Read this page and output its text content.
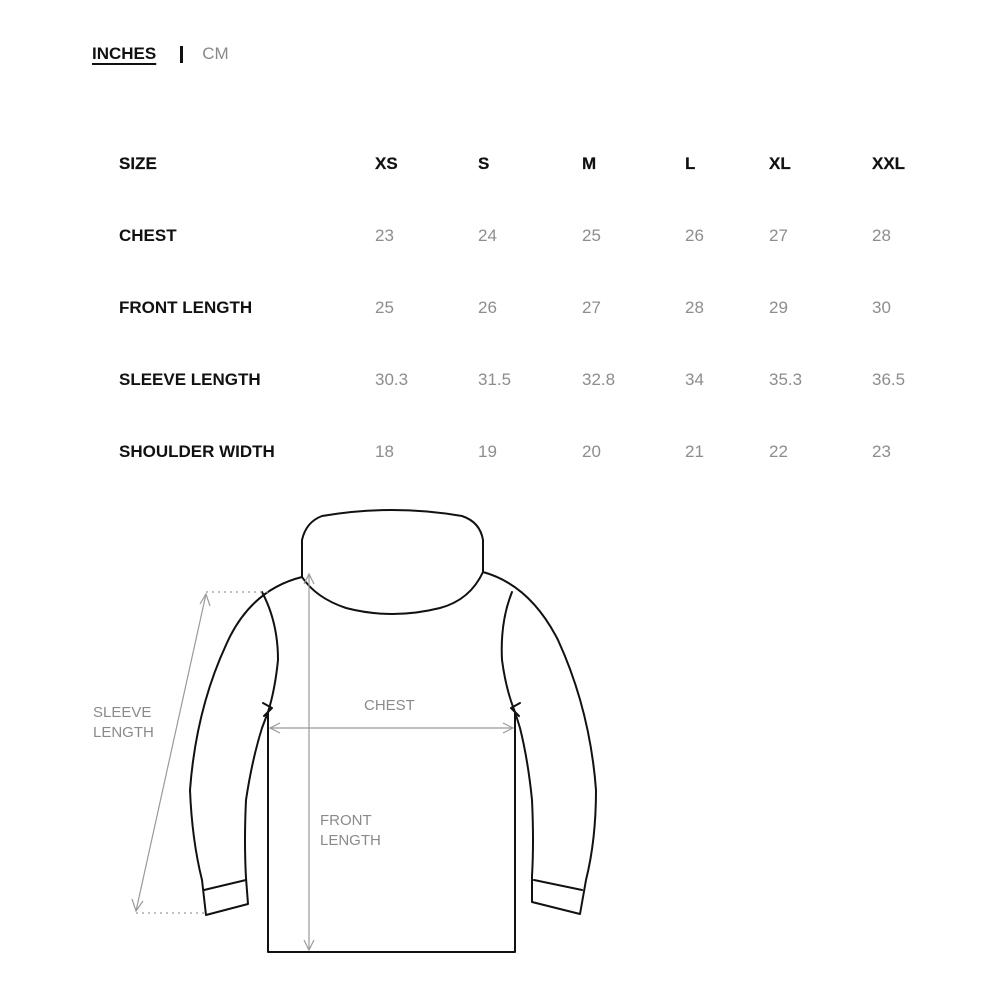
INCHES	CM
SIZE	XS	S	M	L	XL	XXL
CHEST	23	24	25	26	27	28
FRONT LENGTH	25	26	27	28	29	30
SLEEVE LENGTH	30.3	31.5	32.8	34	35.3	36.5
SHOULDER WIDTH	18	19	20	21	22	23
SLEEVE
LENGTH
CHEST
FRONT
LENGTH
